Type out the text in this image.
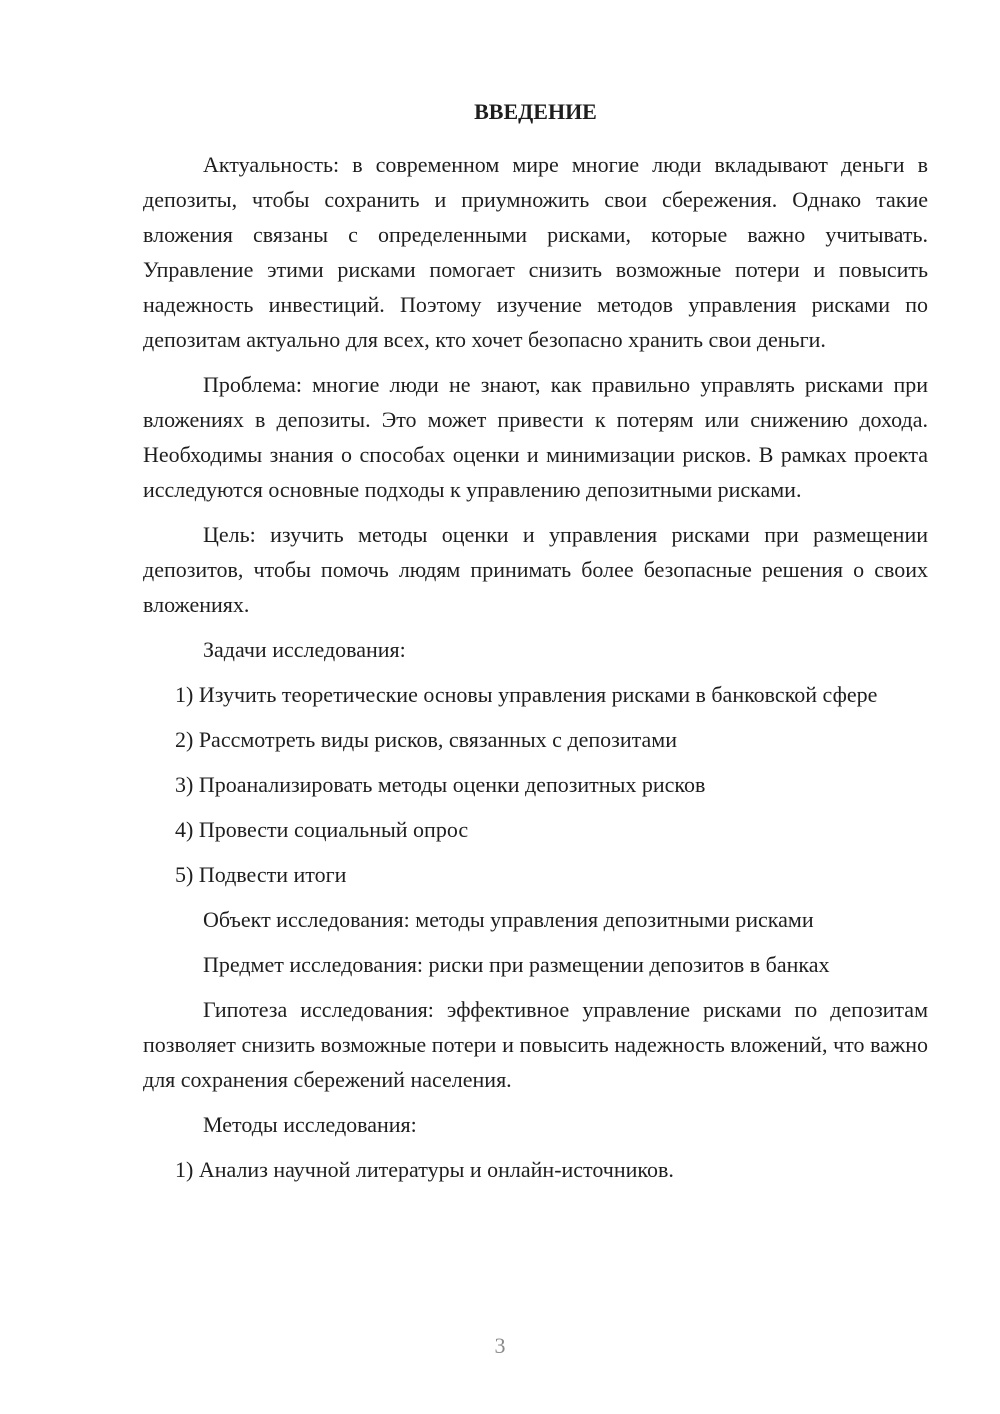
ВВЕДЕНИЕ

Актуальность: в современном мире многие люди вкладывают деньги в депозиты, чтобы сохранить и приумножить свои сбережения. Однако такие вложения связаны с определенными рисками, которые важно учитывать. Управление этими рисками помогает снизить возможные потери и повысить надежность инвестиций. Поэтому изучение методов управления рисками по депозитам актуально для всех, кто хочет безопасно хранить свои деньги.

Проблема: многие люди не знают, как правильно управлять рисками при вложениях в депозиты. Это может привести к потерям или снижению дохода. Необходимы знания о способах оценки и минимизации рисков. В рамках проекта исследуются основные подходы к управлению депозитными рисками.

Цель: изучить методы оценки и управления рисками при размещении депозитов, чтобы помочь людям принимать более безопасные решения о своих вложениях.

Задачи исследования:

1) Изучить теоретические основы управления рисками в банковской сфере

2) Рассмотреть виды рисков, связанных с депозитами

3) Проанализировать методы оценки депозитных рисков

4) Провести социальный опрос

5) Подвести итоги

Объект исследования: методы управления депозитными рисками

Предмет исследования: риски при размещении депозитов в банках

Гипотеза исследования: эффективное управление рисками по депозитам позволяет снизить возможные потери и повысить надежность вложений, что важно для сохранения сбережений населения.

Методы исследования:

1) Анализ научной литературы и онлайн-источников.

3
